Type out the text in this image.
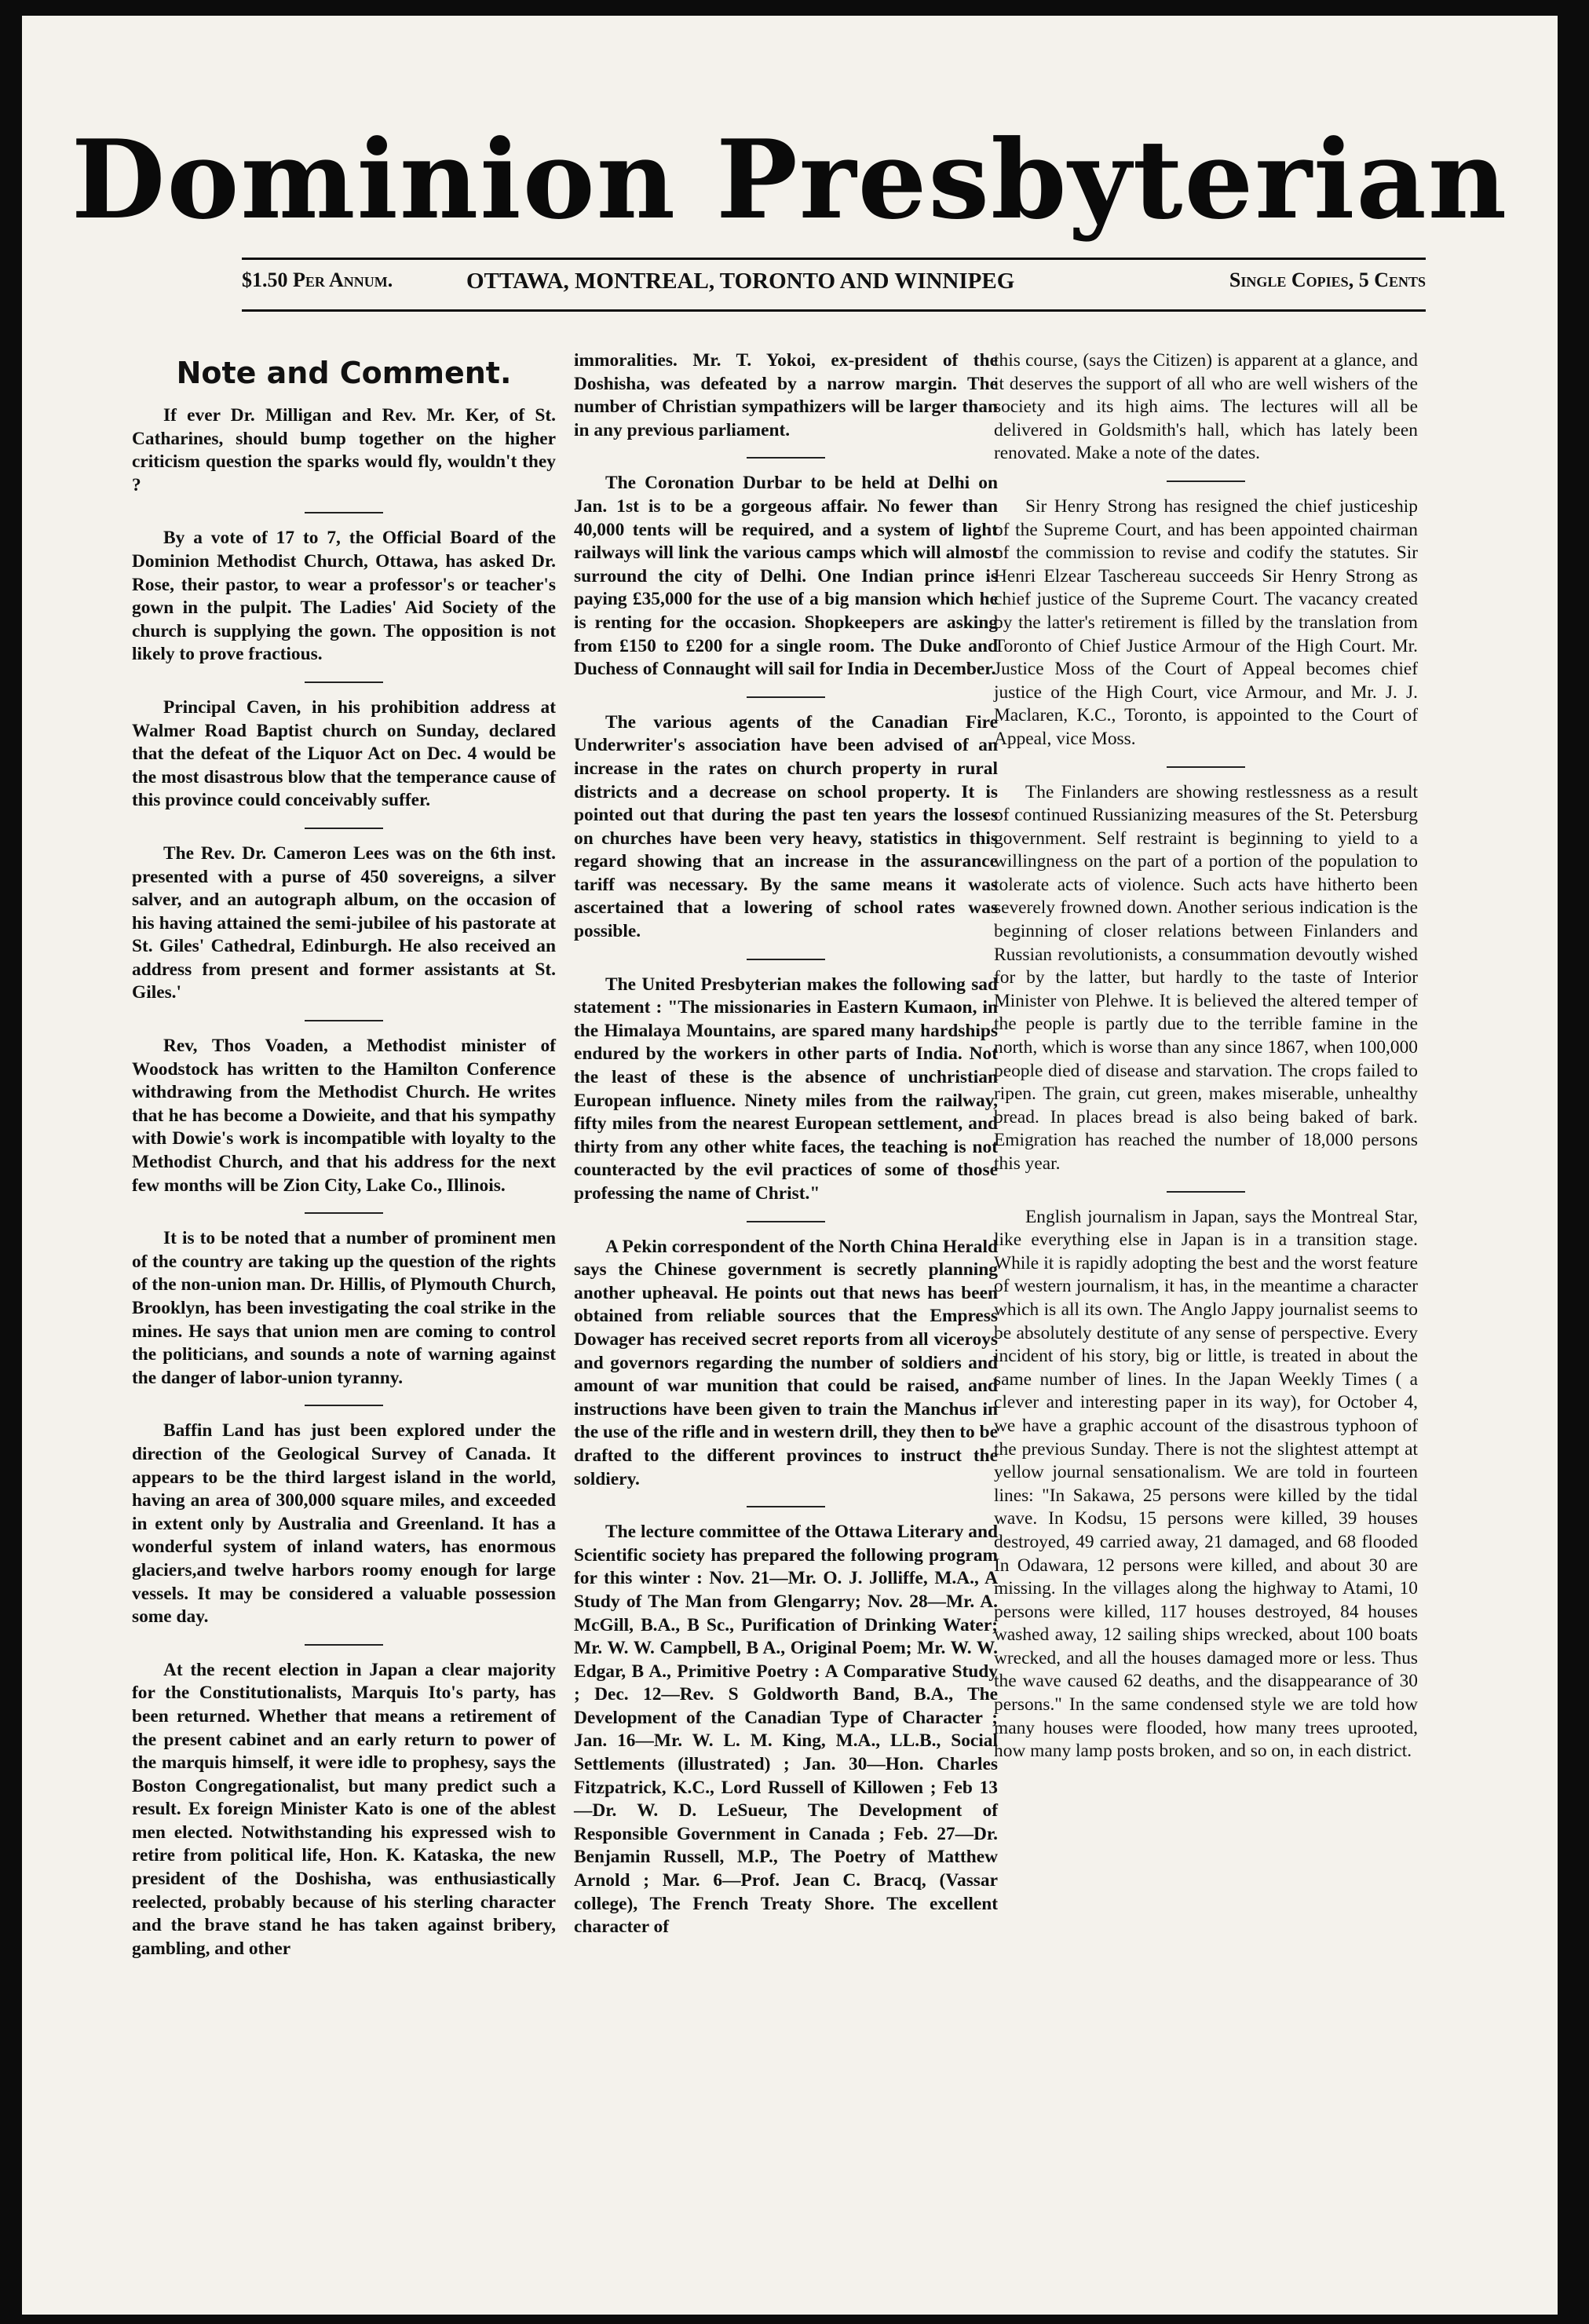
Dominion Presbyterian
$1.50 Per Annum.	OTTAWA, MONTREAL, TORONTO AND WINNIPEG	Single Copies, 5 Cents

Note and Comment.

If ever Dr. Milligan and Rev. Mr. Ker, of St. Catharines, should bump together on the higher criticism question the sparks would fly, wouldn't they ?

By a vote of 17 to 7, the Official Board of the Dominion Methodist Church, Ottawa, has asked Dr. Rose, their pastor, to wear a professor's or teacher's gown in the pulpit. The Ladies' Aid Society of the church is supplying the gown. The opposition is not likely to prove fractious.

Principal Caven, in his prohibition address at Walmer Road Baptist church on Sunday, declared that the defeat of the Liquor Act on Dec. 4 would be the most disastrous blow that the temperance cause of this province could conceivably suffer.

The Rev. Dr. Cameron Lees was on the 6th inst. presented with a purse of 450 sovereigns, a silver salver, and an autograph album, on the occasion of his having attained the semi-jubilee of his pastorate at St. Giles' Cathedral, Edinburgh. He also received an address from present and former assistants at St. Giles.'

Rev, Thos Voaden, a Methodist minister of Woodstock has written to the Hamilton Conference withdrawing from the Methodist Church. He writes that he has become a Dowieite, and that his sympathy with Dowie's work is incompatible with loyalty to the Methodist Church, and that his address for the next few months will be Zion City, Lake Co., Illinois.

It is to be noted that a number of prominent men of the country are taking up the question of the rights of the non-union man. Dr. Hillis, of Plymouth Church, Brooklyn, has been investigating the coal strike in the mines. He says that union men are coming to control the politicians, and sounds a note of warning against the danger of labor-union tyranny.

Baffin Land has just been explored under the direction of the Geological Survey of Canada. It appears to be the third largest island in the world, having an area of 300,000 square miles, and exceeded in extent only by Australia and Greenland. It has a wonderful system of inland waters, has enormous glaciers,and twelve harbors roomy enough for large vessels. It may be considered a valuable possession some day.

At the recent election in Japan a clear majority for the Constitutionalists, Marquis Ito's party, has been returned. Whether that means a retirement of the present cabinet and an early return to power of the marquis himself, it were idle to prophesy, says the Boston Congregationalist, but many predict such a result. Ex foreign Minister Kato is one of the ablest men elected. Notwithstanding his expressed wish to retire from political life, Hon. K. Kataska, the new president of the Doshisha, was enthusiastically reelected, probably because of his sterling character and the brave stand he has taken against bribery, gambling, and other

immoralities. Mr. T. Yokoi, ex-president of the Doshisha, was defeated by a narrow margin. The number of Christian sympathizers will be larger than in any previous parliament.

The Coronation Durbar to be held at Delhi on Jan. 1st is to be a gorgeous affair. No fewer than 40,000 tents will be required, and a system of light railways will link the various camps which will almost surround the city of Delhi. One Indian prince is paying £35,000 for the use of a big mansion which he is renting for the occasion. Shopkeepers are asking from £150 to £200 for a single room. The Duke and Duchess of Connaught will sail for India in December.

The various agents of the Canadian Fire Underwriter's association have been advised of an increase in the rates on church property in rural districts and a decrease on school property. It is pointed out that during the past ten years the losses on churches have been very heavy, statistics in this regard showing that an increase in the assurance tariff was necessary. By the same means it was ascertained that a lowering of school rates was possible.

The United Presbyterian makes the following sad statement : "The missionaries in Eastern Kumaon, in the Himalaya Mountains, are spared many hardships endured by the workers in other parts of India. Not the least of these is the absence of unchristian European influence. Ninety miles from the railway, fifty miles from the nearest European settlement, and thirty from any other white faces, the teaching is not counteracted by the evil practices of some of those professing the name of Christ."

A Pekin correspondent of the North China Herald says the Chinese government is secretly planning another upheaval. He points out that news has been obtained from reliable sources that the Empress Dowager has received secret reports from all viceroys and governors regarding the number of soldiers and amount of war munition that could be raised, and instructions have been given to train the Manchus in the use of the rifle and in western drill, they then to be drafted to the different provinces to instruct the soldiery.

The lecture committee of the Ottawa Literary and Scientific society has prepared the following program for this winter : Nov. 21—Mr. O. J. Jolliffe, M.A., A Study of The Man from Glengarry; Nov. 28—Mr. A. McGill, B.A., B Sc., Purification of Drinking Water; Mr. W. W. Campbell, B A., Original Poem; Mr. W. W. Edgar, B A., Primitive Poetry : A Comparative Study ; Dec. 12—Rev. S Goldworth Band, B.A., The Development of the Canadian Type of Character ; Jan. 16—Mr. W. L. M. King, M.A., LL.B., Social Settlements (illustrated) ; Jan. 30—Hon. Charles Fitzpatrick, K.C., Lord Russell of Killowen ; Feb 13—Dr. W. D. LeSueur, The Development of Responsible Government in Canada ; Feb. 27—Dr. Benjamin Russell, M.P., The Poetry of Matthew Arnold ; Mar. 6—Prof. Jean C. Bracq, (Vassar college), The French Treaty Shore. The excellent character of

this course, (says the Citizen) is apparent at a glance, and it deserves the support of all who are well wishers of the society and its high aims. The lectures will all be delivered in Goldsmith's hall, which has lately been renovated. Make a note of the dates.

Sir Henry Strong has resigned the chief justiceship of the Supreme Court, and has been appointed chairman of the commission to revise and codify the statutes. Sir Henri Elzear Taschereau succeeds Sir Henry Strong as chief justice of the Supreme Court. The vacancy created by the latter's retirement is filled by the translation from Toronto of Chief Justice Armour of the High Court. Mr. Justice Moss of the Court of Appeal becomes chief justice of the High Court, vice Armour, and Mr. J. J. Maclaren, K.C., Toronto, is appointed to the Court of Appeal, vice Moss.

The Finlanders are showing restlessness as a result of continued Russianizing measures of the St. Petersburg government. Self restraint is beginning to yield to a willingness on the part of a portion of the population to tolerate acts of violence. Such acts have hitherto been severely frowned down. Another serious indication is the beginning of closer relations between Finlanders and Russian revolutionists, a consummation devoutly wished for by the latter, but hardly to the taste of Interior Minister von Plehwe. It is believed the altered temper of the people is partly due to the terrible famine in the north, which is worse than any since 1867, when 100,000 people died of disease and starvation. The crops failed to ripen. The grain, cut green, makes miserable, unhealthy bread. In places bread is also being baked of bark. Emigration has reached the number of 18,000 persons this year.

English journalism in Japan, says the Montreal Star, like everything else in Japan is in a transition stage. While it is rapidly adopting the best and the worst feature of western journalism, it has, in the meantime a character which is all its own. The Anglo Jappy journalist seems to be absolutely destitute of any sense of perspective. Every incident of his story, big or little, is treated in about the same number of lines. In the Japan Weekly Times ( a clever and interesting paper in its way), for October 4, we have a graphic account of the disastrous typhoon of the previous Sunday. There is not the slightest attempt at yellow journal sensationalism. We are told in fourteen lines: "In Sakawa, 25 persons were killed by the tidal wave. In Kodsu, 15 persons were killed, 39 houses destroyed, 49 carried away, 21 damaged, and 68 flooded In Odawara, 12 persons were killed, and about 30 are missing. In the villages along the highway to Atami, 10 persons were killed, 117 houses destroyed, 84 houses washed away, 12 sailing ships wrecked, about 100 boats wrecked, and all the houses damaged more or less. Thus the wave caused 62 deaths, and the disappearance of 30 persons." In the same condensed style we are told how many houses were flooded, how many trees uprooted, how many lamp posts broken, and so on, in each district.
